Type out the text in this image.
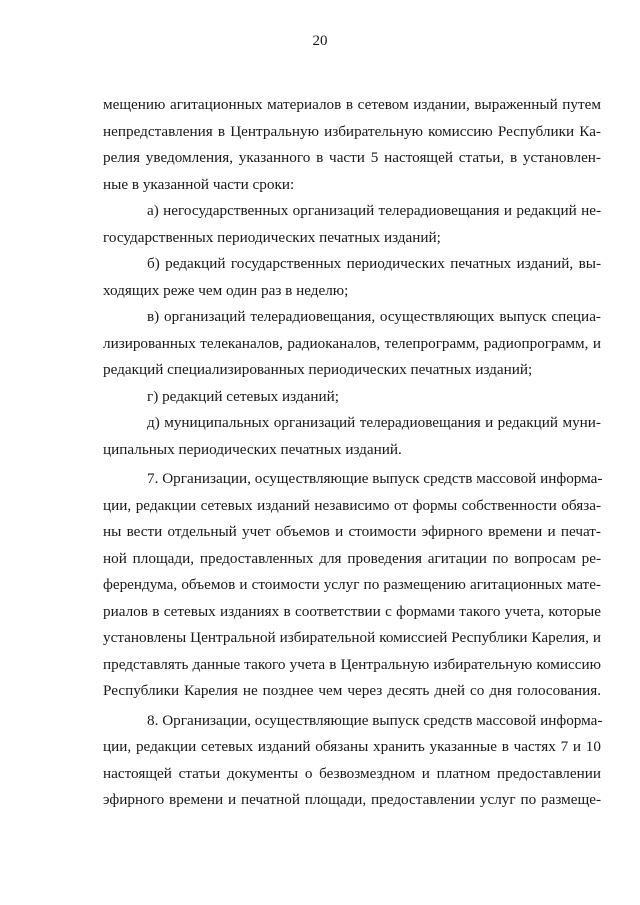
20
мещению агитационных материалов в сетевом издании, выраженный путем
непредставления в Центральную избирательную комиссию Республики Ка-
релия уведомления, указанного в части 5 настоящей статьи, в установлен-
ные в указанной части сроки:
а) негосударственных организаций телерадиовещания и редакций не-
государственных периодических печатных изданий;
б) редакций государственных периодических печатных изданий, вы-
ходящих реже чем один раз в неделю;
в) организаций телерадиовещания, осуществляющих выпуск специа-
лизированных телеканалов, радиоканалов, телепрограмм, радиопрограмм, и
редакций специализированных периодических печатных изданий;
г) редакций сетевых изданий;
д) муниципальных организаций телерадиовещания и редакций муни-
ципальных периодических печатных изданий.
7. Организации, осуществляющие выпуск средств массовой информа-
ции, редакции сетевых изданий независимо от формы собственности обяза-
ны вести отдельный учет объемов и стоимости эфирного времени и печат-
ной площади, предоставленных для проведения агитации по вопросам ре-
ферендума, объемов и стоимости услуг по размещению агитационных мате-
риалов в сетевых изданиях в соответствии с формами такого учета, которые
установлены Центральной избирательной комиссией Республики Карелия, и
представлять данные такого учета в Центральную избирательную комиссию
Республики Карелия не позднее чем через десять дней со дня голосования.
8. Организации, осуществляющие выпуск средств массовой информа-
ции, редакции сетевых изданий обязаны хранить указанные в частях 7 и 10
настоящей статьи документы о безвозмездном и платном предоставлении
эфирного времени и печатной площади, предоставлении услуг по размеще-
